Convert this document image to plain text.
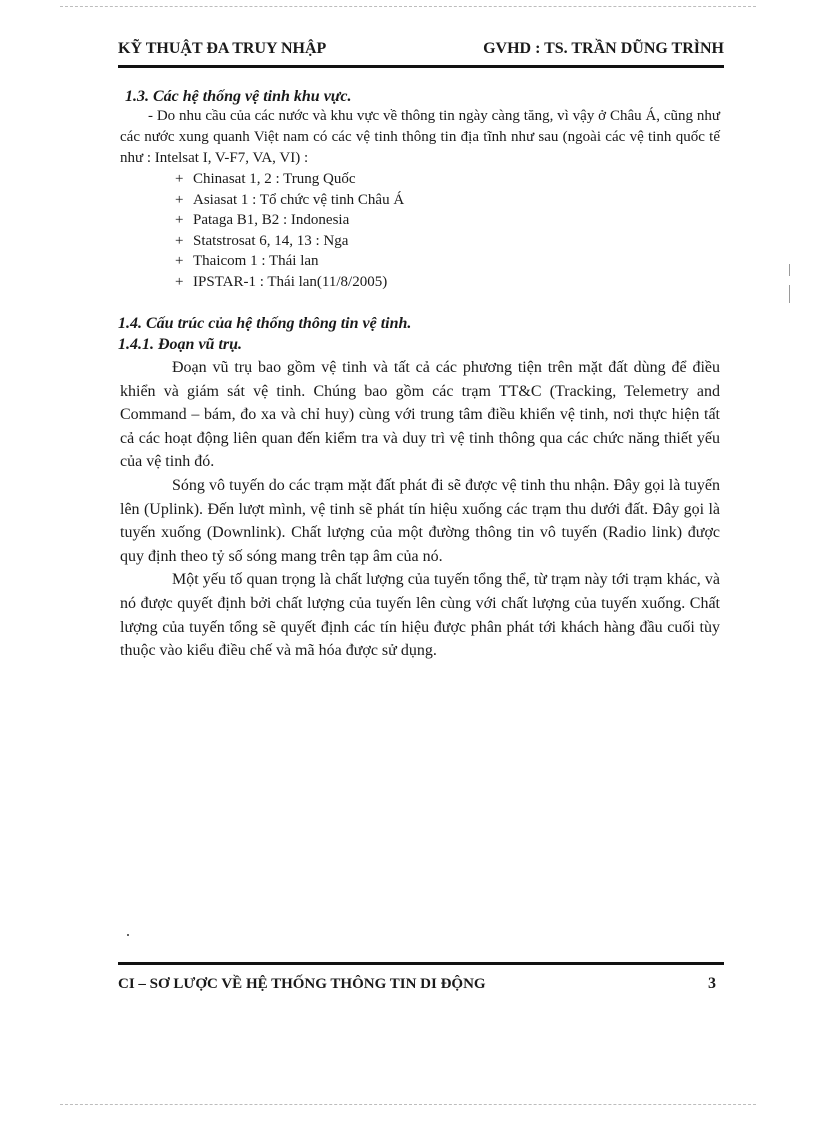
KỸ THUẬT ĐA TRUY NHẬP	GVHD : TS. TRẦN DŨNG TRÌNH
1.3. Các hệ thống vệ tinh khu vực.

- Do nhu cầu của các nước và khu vực về thông tin ngày càng tăng, vì vậy ở Châu Á, cũng như các nước xung quanh Việt nam có các vệ tinh thông tin địa tĩnh như sau (ngoài các vệ tinh quốc tế như : Intelsat I, V-F7, VA, VI) :

+ Chinasat 1, 2 : Trung Quốc
+ Asiasat 1 : Tổ chức vệ tinh Châu Á
+ Pataga B1, B2 : Indonesia
+ Statstrosat 6, 14, 13 : Nga
+ Thaicom 1 : Thái lan
+ IPSTAR-1 : Thái lan(11/8/2005)
1.4. Cấu trúc của hệ thống thông tin vệ tinh.
1.4.1. Đoạn vũ trụ.

Đoạn vũ trụ bao gồm vệ tinh và tất cả các phương tiện trên mặt đất dùng để điều khiển và giám sát vệ tinh. Chúng bao gồm các trạm TT&C (Tracking, Telemetry and Command – bám, đo xa và chỉ huy) cùng với trung tâm điều khiển vệ tinh, nơi thực hiện tất cả các hoạt động liên quan đến kiểm tra và duy trì vệ tinh thông qua các chức năng thiết yếu của vệ tinh đó.

Sóng vô tuyến do các trạm mặt đất phát đi sẽ được vệ tinh thu nhận. Đây gọi là tuyến lên (Uplink). Đến lượt mình, vệ tinh sẽ phát tín hiệu xuống các trạm thu dưới đất. Đây gọi là tuyến xuống (Downlink). Chất lượng của một đường thông tin vô tuyến (Radio link) được quy định theo tỷ số sóng mang trên tạp âm của nó.

Một yếu tố quan trọng là chất lượng của tuyến tổng thể, từ trạm này tới trạm khác, và nó được quyết định bởi chất lượng của tuyến lên cùng với chất lượng của tuyến xuống. Chất lượng của tuyến tổng sẽ quyết định các tín hiệu được phân phát tới khách hàng đầu cuối tùy thuộc vào kiểu điều chế và mã hóa được sử dụng.

CI – SƠ LƯỢC VỀ HỆ THỐNG THÔNG TIN DI ĐỘNG	3
